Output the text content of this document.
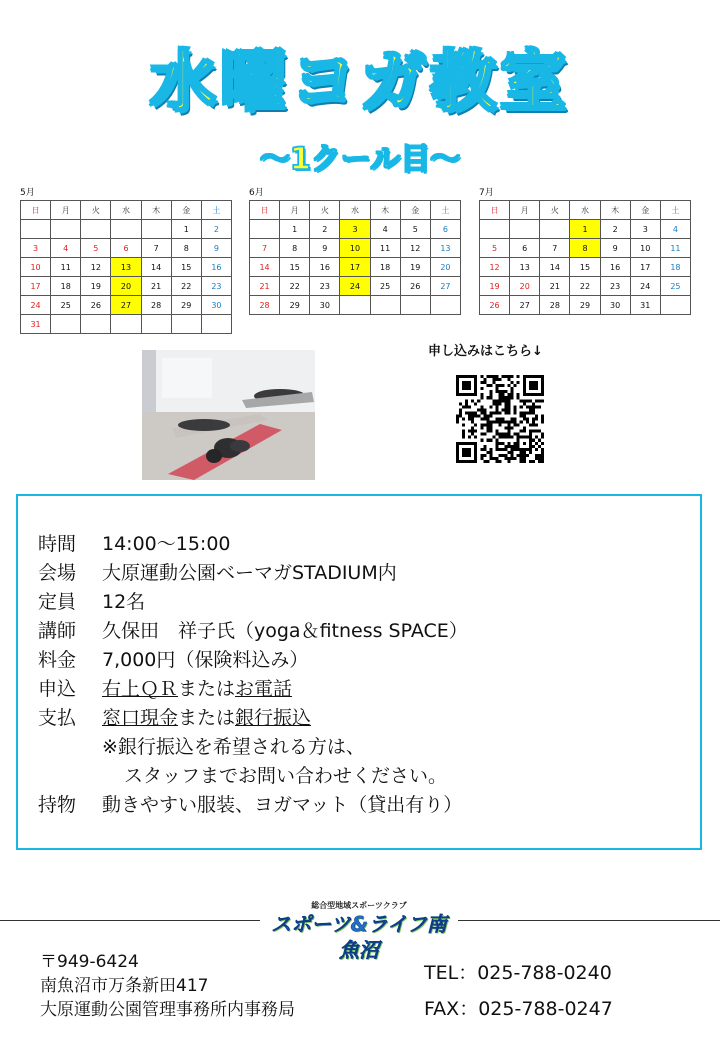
水曜ヨガ教室
～1クール目～
5月
日	月	火	水	木	金	土
					1	2
3	4	5	6	7	8	9
10	11	12	13	14	15	16
17	18	19	20	21	22	23
24	25	26	27	28	29	30
31						
6月
日	月	火	水	木	金	土
	1	2	3	4	5	6
7	8	9	10	11	12	13
14	15	16	17	18	19	20
21	22	23	24	25	26	27
28	29	30				
7月
日	月	火	水	木	金	土
			1	2	3	4
5	6	7	8	9	10	11
12	13	14	15	16	17	18
19	20	21	22	23	24	25
26	27	28	29	30	31	
申し込みはこちら↓
時間	14:00～15:00
会場	大原運動公園ベーマガSTADIUM内
定員	12名
講師	久保田　祥子氏（yoga＆fitness SPACE）
料金	7,000円（保険料込み）
申込	右上ＱＲまたはお電話
支払	窓口現金または銀行振込
※銀行振込を希望される方は、
スタッフまでお問い合わせください。
持物	動きやすい服装、ヨガマット（貸出有り）
総合型地域スポーツクラブ
スポーツ&ライフ南魚沼
〒949-6424
南魚沼市万条新田417
大原運動公園管理事務所内事務局
TEL：025-788-0240
FAX：025-788-0247
